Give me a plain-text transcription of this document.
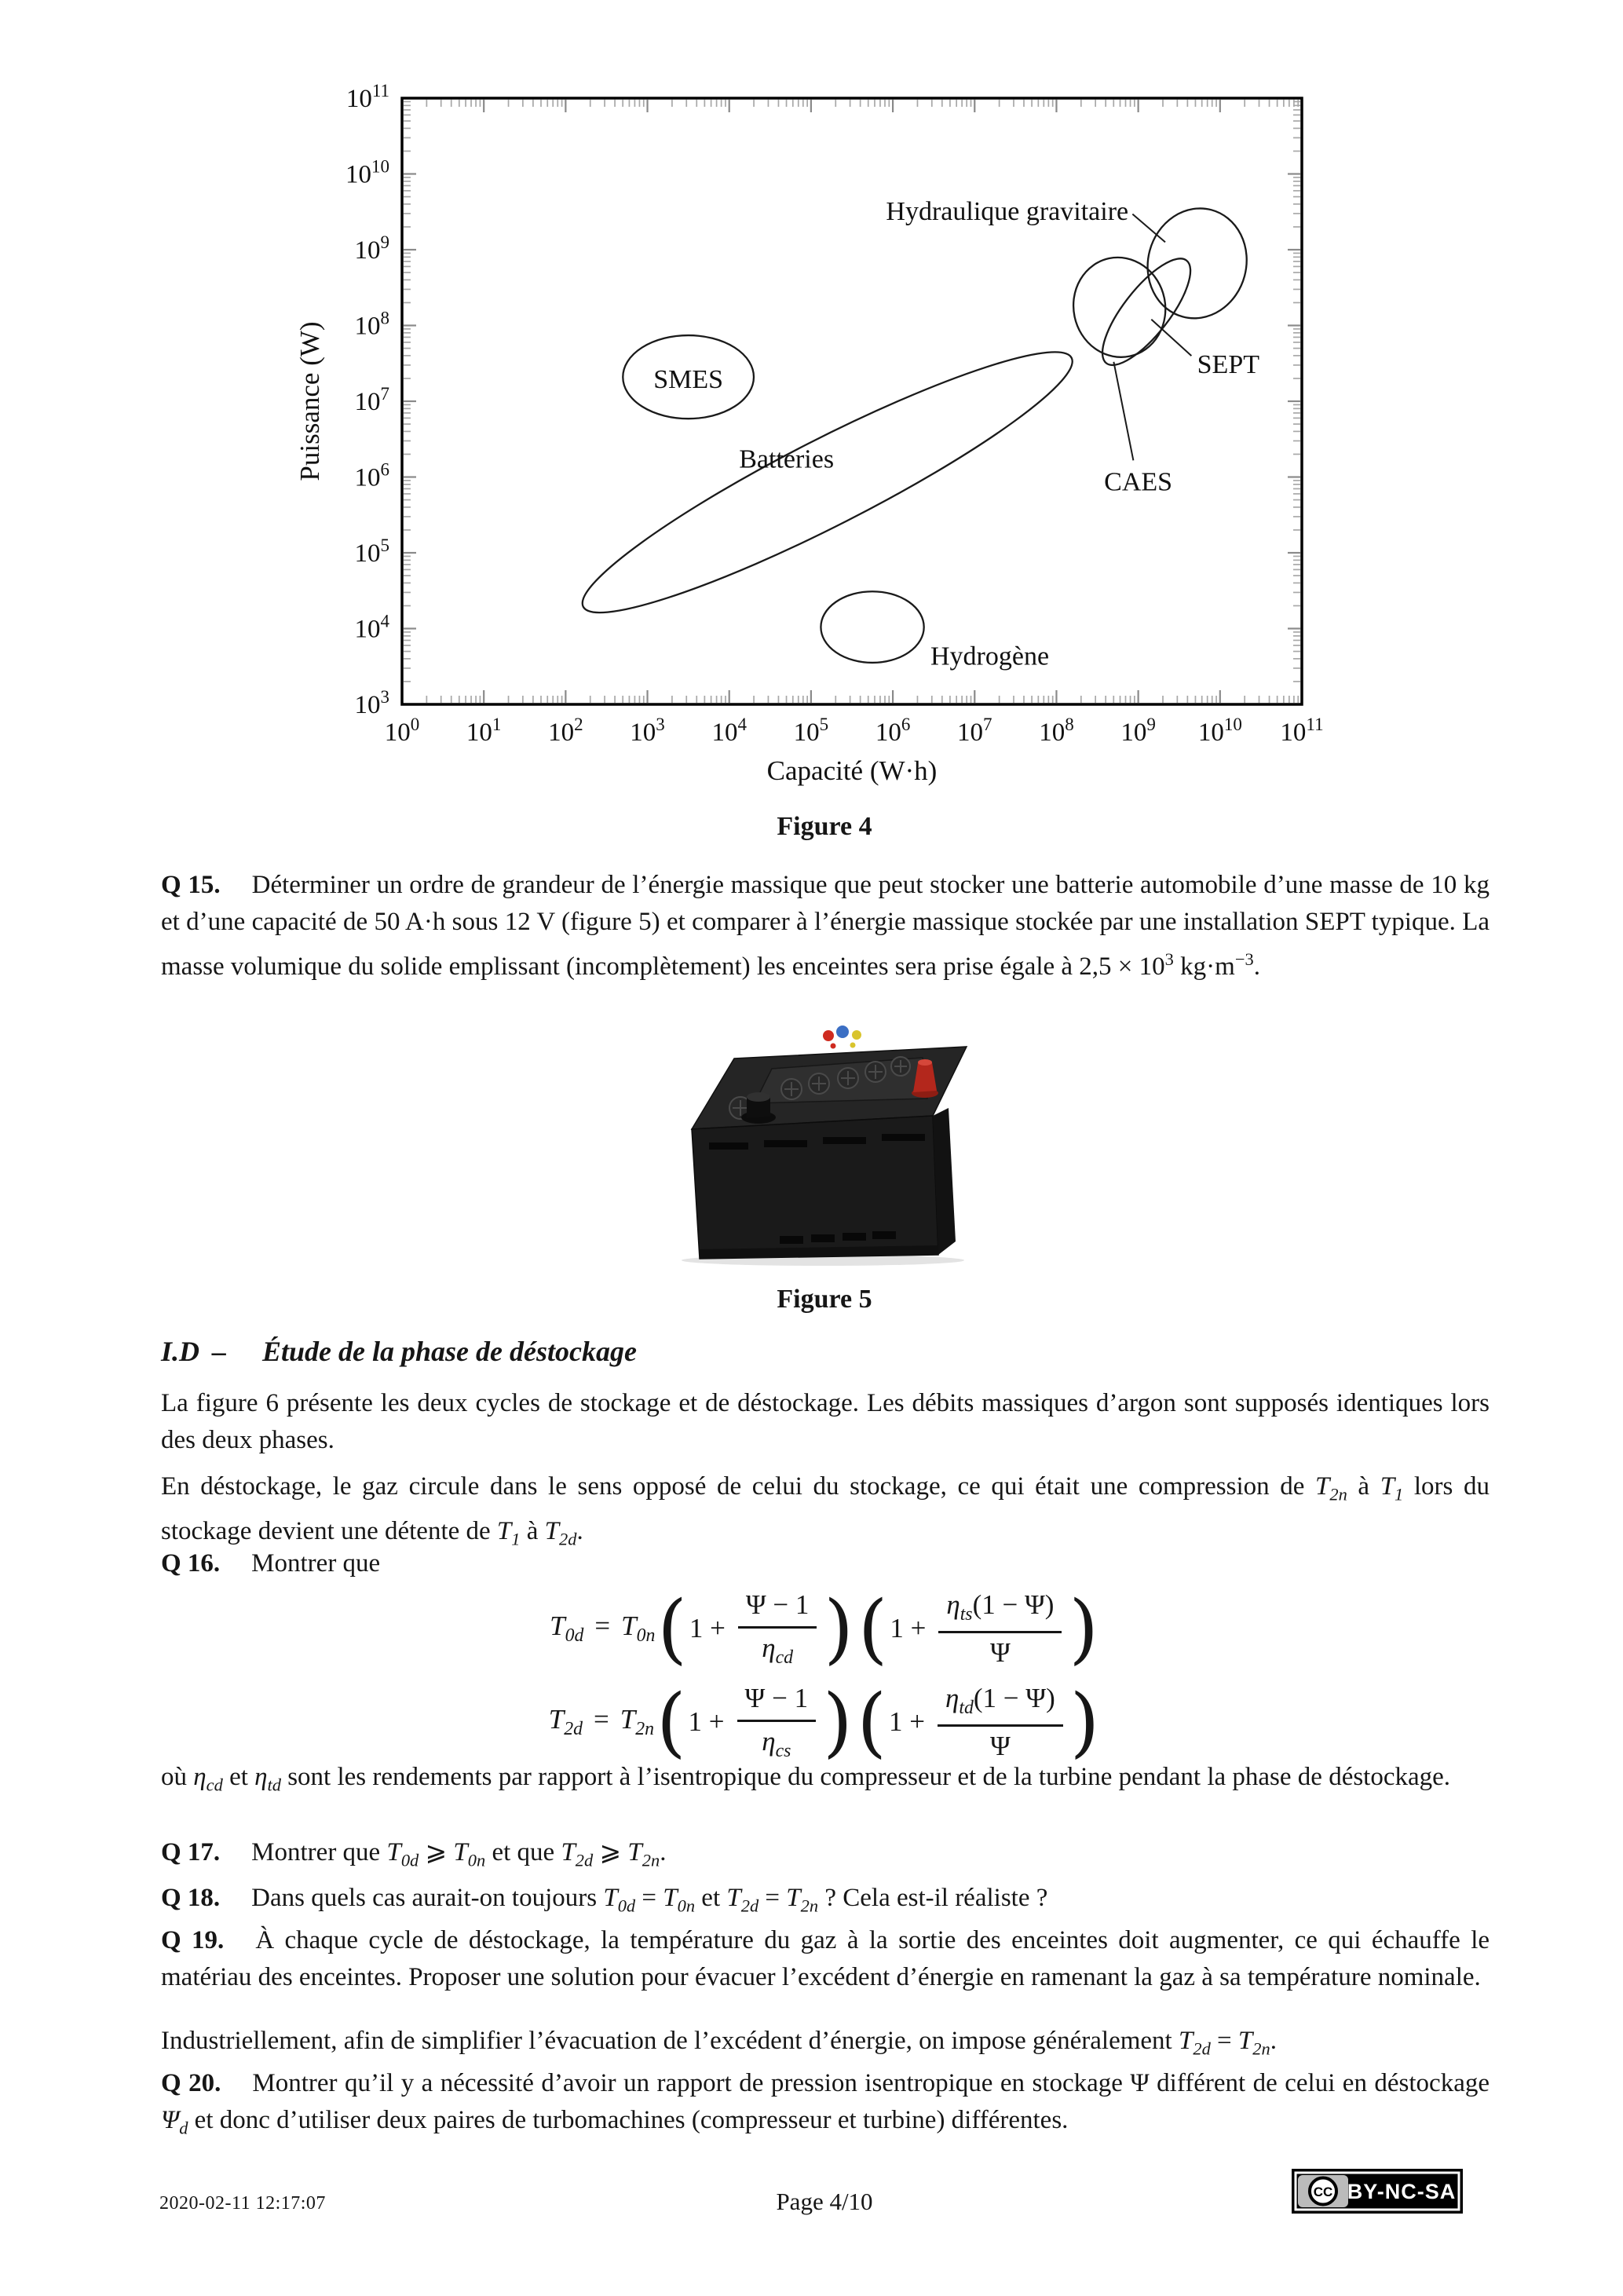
Puissance (W)
$10^0$ $10^1$ $10^2$ $10^3$ $10^4$ $10^5$ $10^6$ $10^7$ $10^8$ $10^9$ $10^{10}$ $10^{11}$
$10^3$
$10^4$
$10^5$
$10^6$
$10^7$
$10^8$
$10^9$
$10^{10}$
$10^{11}$
SMES
Batteries
Hydraulique gravitaire
CAES
SEPT
Hydrogène
Capacité (W·h)
Figure 4
Q 15. Déterminer un ordre de grandeur de l’énergie massique que peut stocker une batterie automobile d’une masse de 10 kg et d’une capacité de 50 A·h sous 12 V (figure 5) et comparer à l’énergie massique stockée par une installation SEPT typique. La masse volumique du solide emplissant (incomplètement) les enceintes sera prise égale à $2,5 \times 10^3$ $kg\cdot m^{-3}$.
Figure 5
I.D – Étude de la phase de déstockage
La figure 6 présente les deux cycles de stockage et de déstockage. Les débits massiques d’argon sont supposés identiques lors des deux phases.
En déstockage, le gaz circule dans le sens opposé de celui du stockage, ce qui était une compression de $T_{2n}$ à $T_1$ lors du stockage devient une détente de $T_1$ à $T_{2d}$.
Q 16. Montrer que
$T_{0d} = T_{0n}$ ( $1 + \frac{\Psi - 1}{\eta_{cd}}$ ) ( $1 + \frac{\eta_{ts}(1 - \Psi)}{\Psi}$ )
$T_{2d} = T_{2n}$ ( $1 + \frac{\Psi - 1}{\eta_{cs}}$ ) ( $1 + \frac{\eta_{td}(1 - \Psi)}{\Psi}$ )
où $\eta_{cd}$ et $\eta_{td}$ sont les rendements par rapport à l’isentropique du compresseur et de la turbine pendant la phase de déstockage.
Q 17. Montrer que $T_{0d}$ ⩾ $T_{0n}$ et que $T_{2d}$ ⩾ $T_{2n}$.
Q 18. Dans quels cas aurait-on toujours $T_{0d} = T_{0n}$ et $T_{2d} = T_{2n}$ ? Cela est-il réaliste ?
Q 19. À chaque cycle de déstockage, la température du gaz à la sortie des enceintes doit augmenter, ce qui échauffe le matériau des enceintes. Proposer une solution pour évacuer l’excédent d’énergie en ramenant la gaz à sa température nominale.
Industriellement, afin de simplifier l’évacuation de l’excédent d’énergie, on impose généralement $T_{2d} = T_{2n}$.
Q 20. Montrer qu’il y a nécessité d’avoir un rapport de pression isentropique en stockage Ψ différent de celui en déstockage $\Psi_d$ et donc d’utiliser deux paires de turbomachines (compresseur et turbine) différentes.
2020-02-11 12:17:07	Page 4/10	CC BY-NC-SA
